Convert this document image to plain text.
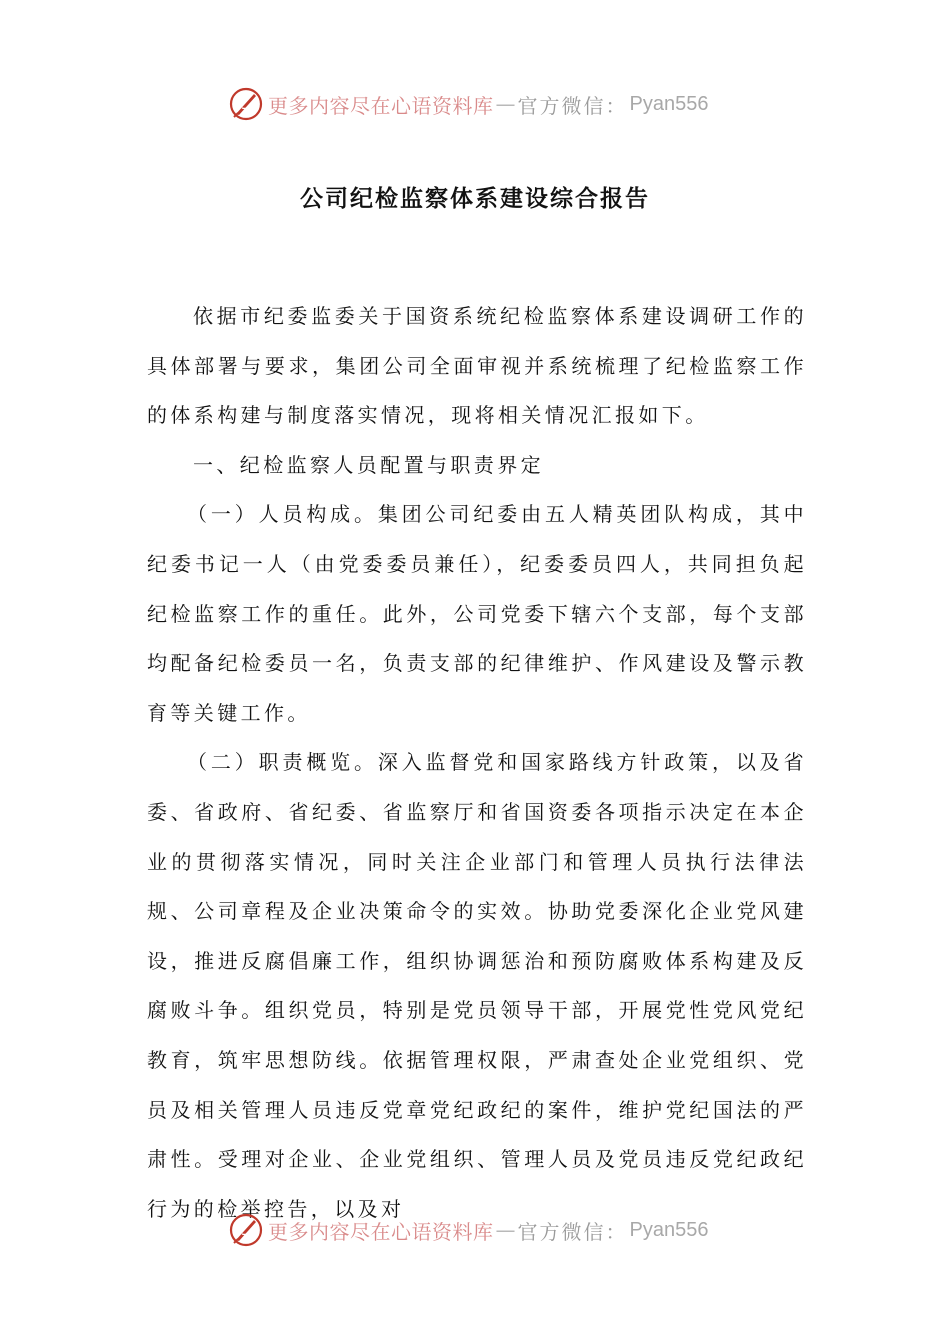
更多内容尽在心语资料库 — 官方微信： Pyan556
公司纪检监察体系建设综合报告

依据市纪委监委关于国资系统纪检监察体系建设调研工作的具体部署与要求，集团公司全面审视并系统梳理了纪检监察工作的体系构建与制度落实情况，现将相关情况汇报如下。

一、纪检监察人员配置与职责界定

（一）人员构成。集团公司纪委由五人精英团队构成，其中纪委书记一人（由党委委员兼任），纪委委员四人，共同担负起纪检监察工作的重任。此外，公司党委下辖六个支部，每个支部均配备纪检委员一名，负责支部的纪律维护、作风建设及警示教育等关键工作。

（二）职责概览。深入监督党和国家路线方针政策，以及省委、省政府、省纪委、省监察厅和省国资委各项指示决定在本企业的贯彻落实情况，同时关注企业部门和管理人员执行法律法规、公司章程及企业决策命令的实效。协助党委深化企业党风建设，推进反腐倡廉工作，组织协调惩治和预防腐败体系构建及反腐败斗争。组织党员，特别是党员领导干部，开展党性党风党纪教育，筑牢思想防线。依据管理权限，严肃查处企业党组织、党员及相关管理人员违反党章党纪政纪的案件，维护党纪国法的严肃性。受理对企业、企业党组织、管理人员及党员违反党纪政纪行为的检举控告，以及对

更多内容尽在心语资料库 — 官方微信： Pyan556
